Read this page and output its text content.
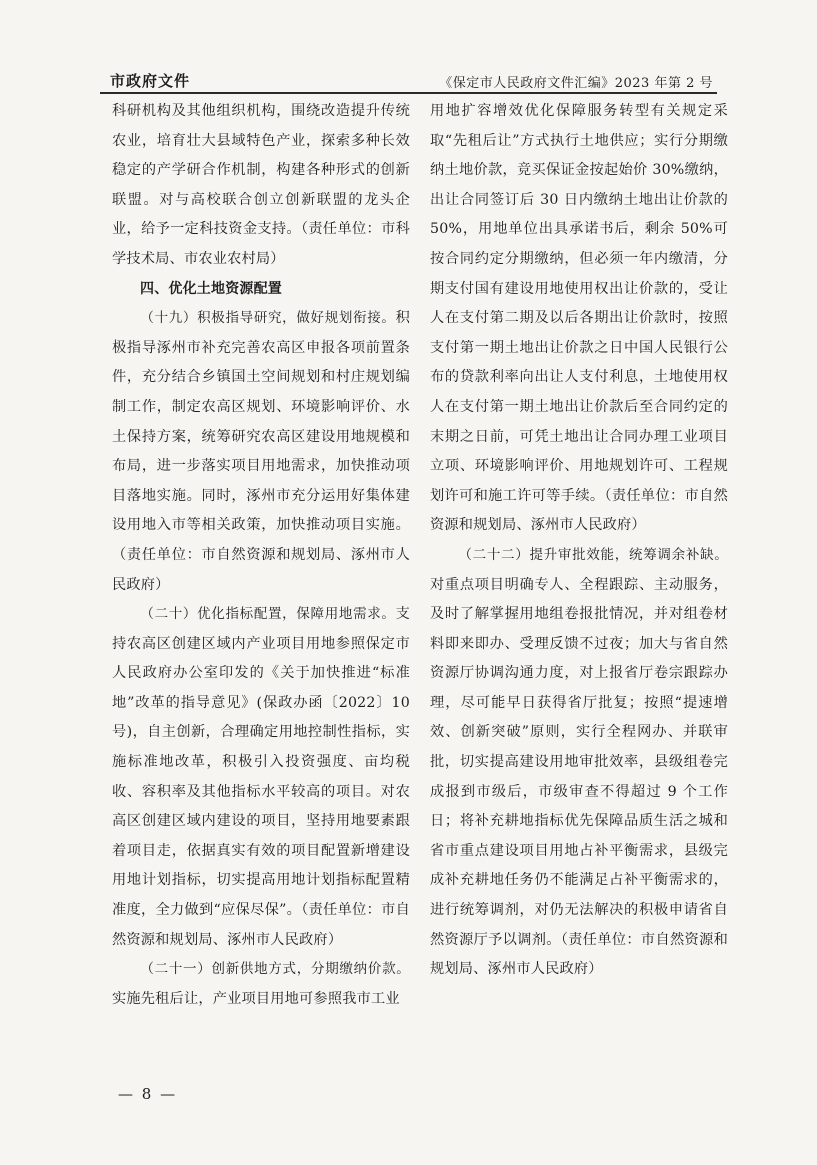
市政府文件	《保定市人民政府文件汇编》2023 年第 2 号

科研机构及其他组织机构，围绕改造提升传统农业，培育壮大县域特色产业，探索多种长效稳定的产学研合作机制，构建各种形式的创新联盟。对与高校联合创立创新联盟的龙头企业，给予一定科技资金支持。（责任单位：市科学技术局、市农业农村局）

四、优化土地资源配置

（十九）积极指导研究，做好规划衔接。积极指导涿州市补充完善农高区申报各项前置条件，充分结合乡镇国土空间规划和村庄规划编制工作，制定农高区规划、环境影响评价、水土保持方案，统筹研究农高区建设用地规模和布局，进一步落实项目用地需求，加快推动项目落地实施。同时，涿州市充分运用好集体建设用地入市等相关政策，加快推动项目实施。（责任单位：市自然资源和规划局、涿州市人民政府）

（二十）优化指标配置，保障用地需求。支持农高区创建区域内产业项目用地参照保定市人民政府办公室印发的《关于加快推进“标准地”改革的指导意见》(保政办函〔2022〕10号)，自主创新，合理确定用地控制性指标，实施标准地改革，积极引入投资强度、亩均税收、容积率及其他指标水平较高的项目。对农高区创建区域内建设的项目，坚持用地要素跟着项目走，依据真实有效的项目配置新增建设用地计划指标，切实提高用地计划指标配置精准度，全力做到“应保尽保”。（责任单位：市自然资源和规划局、涿州市人民政府）

（二十一）创新供地方式，分期缴纳价款。实施先租后让，产业项目用地可参照我市工业

用地扩容增效优化保障服务转型有关规定采取“先租后让”方式执行土地供应；实行分期缴纳土地价款，竞买保证金按起始价 30%缴纳，出让合同签订后 30 日内缴纳土地出让价款的50%，用地单位出具承诺书后，剩余 50%可按合同约定分期缴纳，但必须一年内缴清，分期支付国有建设用地使用权出让价款的，受让人在支付第二期及以后各期出让价款时，按照支付第一期土地出让价款之日中国人民银行公布的贷款利率向出让人支付利息，土地使用权人在支付第一期土地出让价款后至合同约定的末期之日前，可凭土地出让合同办理工业项目立项、环境影响评价、用地规划许可、工程规划许可和施工许可等手续。（责任单位：市自然资源和规划局、涿州市人民政府）

（二十二）提升审批效能，统筹调余补缺。对重点项目明确专人、全程跟踪、主动服务，及时了解掌握用地组卷报批情况，并对组卷材料即来即办、受理反馈不过夜；加大与省自然资源厅协调沟通力度，对上报省厅卷宗跟踪办理，尽可能早日获得省厅批复；按照“提速增效、创新突破”原则，实行全程网办、并联审批，切实提高建设用地审批效率，县级组卷完成报到市级后，市级审查不得超过 9 个工作日；将补充耕地指标优先保障品质生活之城和省市重点建设项目用地占补平衡需求，县级完成补充耕地任务仍不能满足占补平衡需求的，进行统筹调剂，对仍无法解决的积极申请省自然资源厅予以调剂。（责任单位：市自然资源和规划局、涿州市人民政府）

— 8 —
